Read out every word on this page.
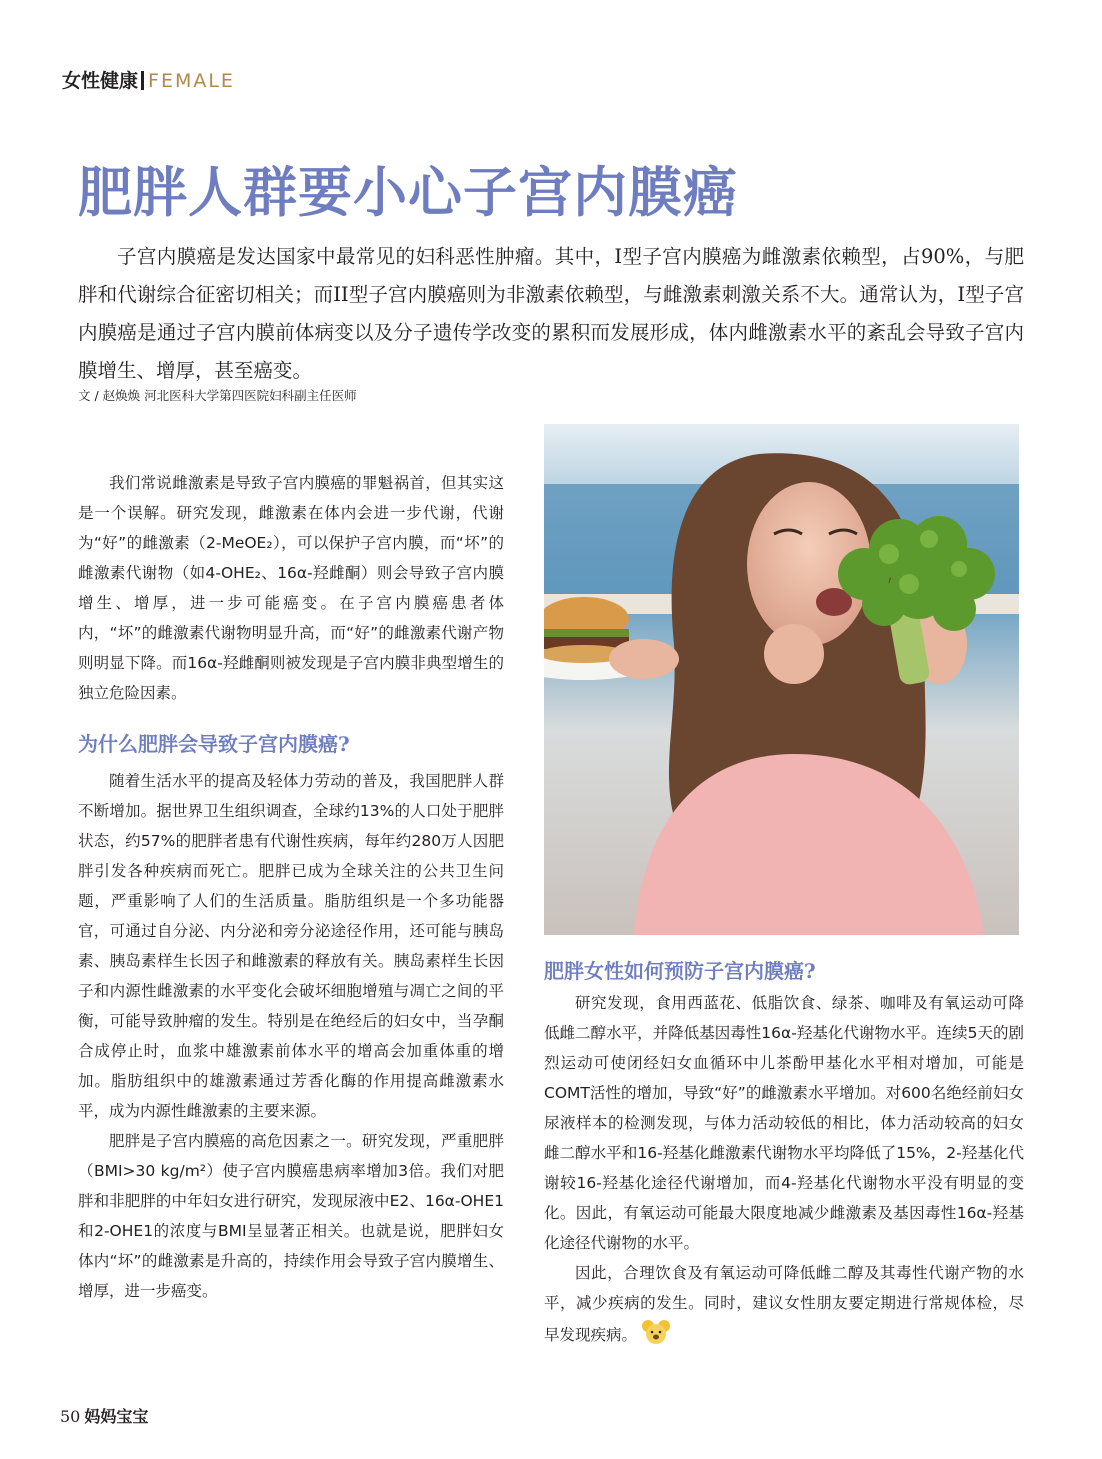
女性健康 FEMALE
肥胖人群要小心子宫内膜癌

子宫内膜癌是发达国家中最常见的妇科恶性肿瘤。其中，I型子宫内膜癌为雌激素依赖型，占90%，与肥胖和代谢综合征密切相关；而II型子宫内膜癌则为非激素依赖型，与雌激素刺激关系不大。通常认为，I型子宫内膜癌是通过子宫内膜前体病变以及分子遗传学改变的累积而发展形成，体内雌激素水平的紊乱会导致子宫内膜增生、增厚，甚至癌变。

文 / 赵焕焕 河北医科大学第四医院妇科副主任医师

我们常说雌激素是导致子宫内膜癌的罪魁祸首，但其实这是一个误解。研究发现，雌激素在体内会进一步代谢，代谢为“好”的雌激素（2-MeOE₂），可以保护子宫内膜，而“坏”的雌激素代谢物（如4-OHE₂、16α-羟雌酮）则会导致子宫内膜增生、增厚，进一步可能癌变。在子宫内膜癌患者体内，“坏”的雌激素代谢物明显升高，而“好”的雌激素代谢产物则明显下降。而16α-羟雌酮则被发现是子宫内膜非典型增生的独立危险因素。

为什么肥胖会导致子宫内膜癌?

随着生活水平的提高及轻体力劳动的普及，我国肥胖人群不断增加。据世界卫生组织调查，全球约13%的人口处于肥胖状态，约57%的肥胖者患有代谢性疾病，每年约280万人因肥胖引发各种疾病而死亡。肥胖已成为全球关注的公共卫生问题，严重影响了人们的生活质量。脂肪组织是一个多功能器官，可通过自分泌、内分泌和旁分泌途径作用，还可能与胰岛素、胰岛素样生长因子和雌激素的释放有关。胰岛素样生长因子和内源性雌激素的水平变化会破坏细胞增殖与凋亡之间的平衡，可能导致肿瘤的发生。特别是在绝经后的妇女中，当孕酮合成停止时，血浆中雄激素前体水平的增高会加重体重的增加。脂肪组织中的雄激素通过芳香化酶的作用提高雌激素水平，成为内源性雌激素的主要来源。

肥胖是子宫内膜癌的高危因素之一。研究发现，严重肥胖（BMI>30 kg/m²）使子宫内膜癌患病率增加3倍。我们对肥胖和非肥胖的中年妇女进行研究，发现尿液中E2、16α-OHE1和2-OHE1的浓度与BMI呈显著正相关。也就是说，肥胖妇女体内“坏”的雌激素是升高的，持续作用会导致子宫内膜增生、增厚，进一步癌变。

肥胖女性如何预防子宫内膜癌?

研究发现，食用西蓝花、低脂饮食、绿茶、咖啡及有氧运动可降低雌二醇水平，并降低基因毒性16α-羟基化代谢物水平。连续5天的剧烈运动可使闭经妇女血循环中儿茶酚甲基化水平相对增加，可能是COMT活性的增加，导致“好”的雌激素水平增加。对600名绝经前妇女尿液样本的检测发现，与体力活动较低的相比，体力活动较高的妇女雌二醇水平和16-羟基化雌激素代谢物水平均降低了15%，2-羟基化代谢较16-羟基化途径代谢增加，而4-羟基化代谢物水平没有明显的变化。因此，有氧运动可能最大限度地减少雌激素及基因毒性16α-羟基化途径代谢物的水平。

因此，合理饮食及有氧运动可降低雌二醇及其毒性代谢产物的水平，减少疾病的发生。同时，建议女性朋友要定期进行常规体检，尽早发现疾病。

50 妈妈宝宝
